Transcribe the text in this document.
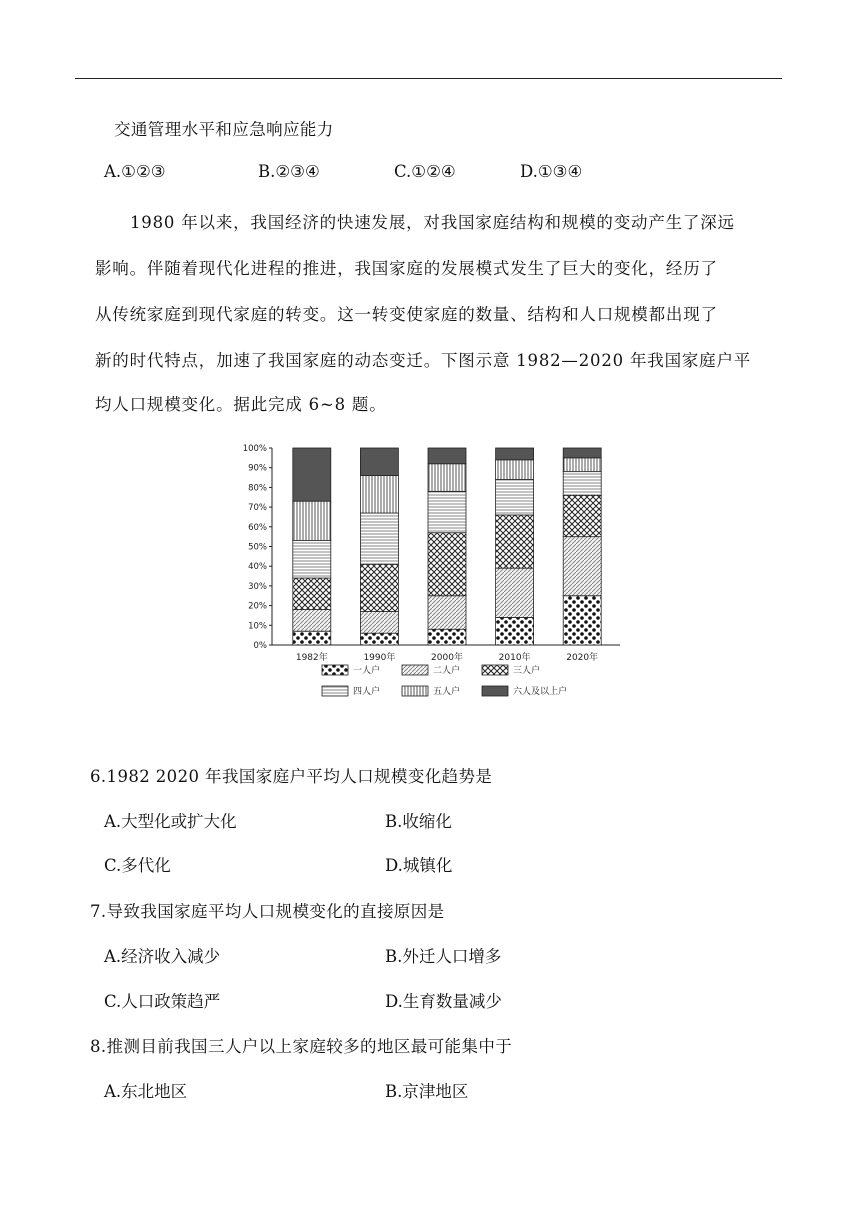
交通管理水平和应急响应能力
A.①②③	B.②③④	C.①②④	D.①③④
1980 年以来，我国经济的快速发展，对我国家庭结构和规模的变动产生了深远
影响。伴随着现代化进程的推进，我国家庭的发展模式发生了巨大的变化，经历了
从传统家庭到现代家庭的转变。这一转变使家庭的数量、结构和人口规模都出现了
新的时代特点，加速了我国家庭的动态变迁。下图示意 1982—2020 年我国家庭户平
均人口规模变化。据此完成 6~8 题。
0%
10%
20%
30%
40%
50%
60%
70%
80%
90%
100%
1982年	1990年	2000年	2010年	2020年
一人户	二人户	三人户
四人户	五人户	六人及以上户
6.1982 2020 年我国家庭户平均人口规模变化趋势是
A.大型化或扩大化	B.收缩化
C.多代化	D.城镇化
7.导致我国家庭平均人口规模变化的直接原因是
A.经济收入减少	B.外迁人口增多
C.人口政策趋严	D.生育数量减少
8.推测目前我国三人户以上家庭较多的地区最可能集中于
A.东北地区	B.京津地区
